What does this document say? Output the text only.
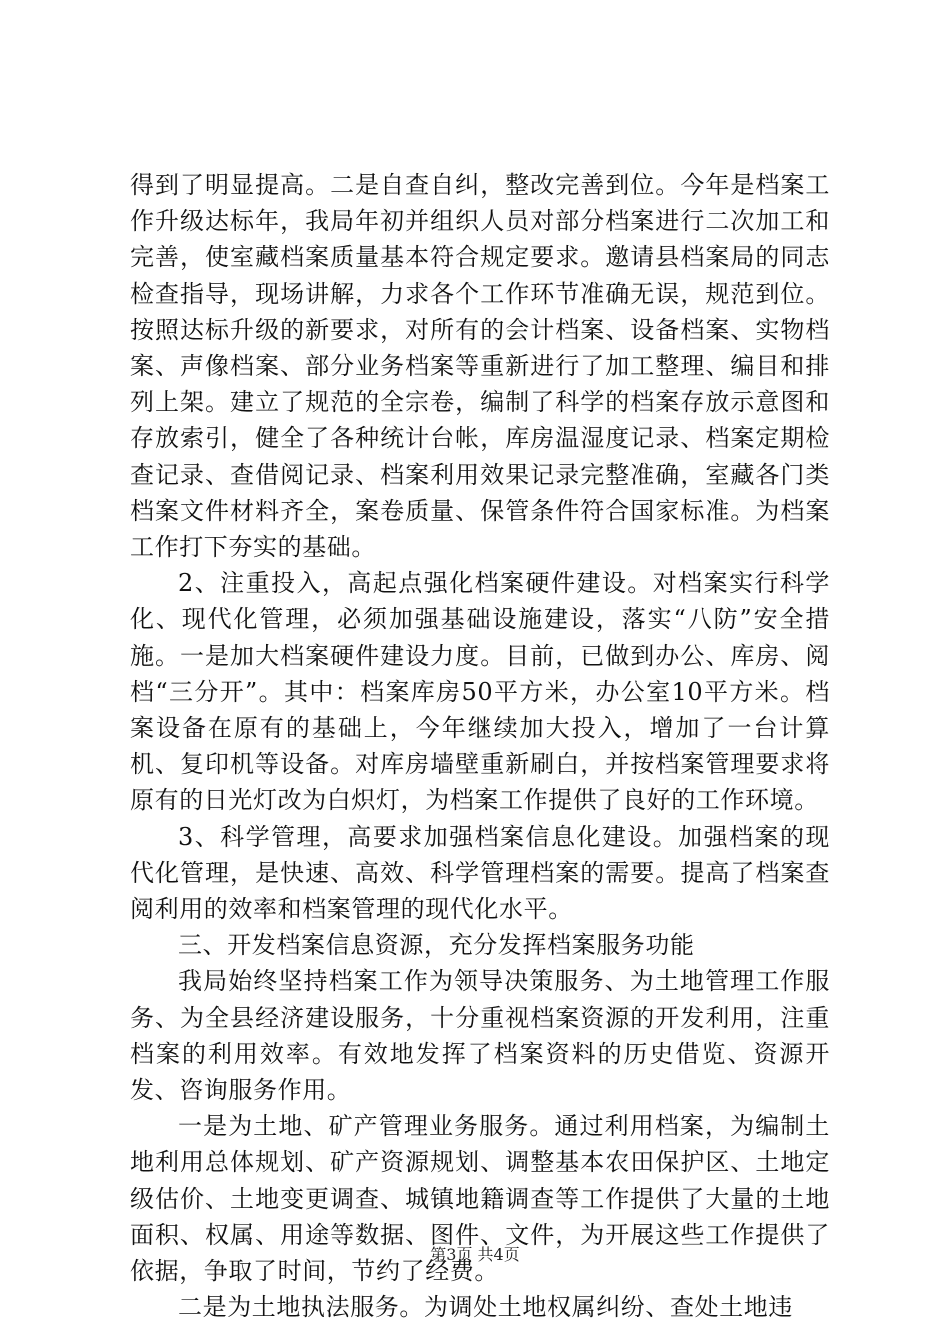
得到了明显提高。二是自查自纠，整改完善到位。今年是档案工作升级达标年，我局年初并组织人员对部分档案进行二次加工和完善，使室藏档案质量基本符合规定要求。邀请县档案局的同志检查指导，现场讲解，力求各个工作环节准确无误，规范到位。按照达标升级的新要求，对所有的会计档案、设备档案、实物档案、声像档案、部分业务档案等重新进行了加工整理、编目和排列上架。建立了规范的全宗卷，编制了科学的档案存放示意图和存放索引，健全了各种统计台帐，库房温湿度记录、档案定期检查记录、查借阅记录、档案利用效果记录完整准确，室藏各门类档案文件材料齐全，案卷质量、保管条件符合国家标准。为档案工作打下夯实的基础。

2、注重投入，高起点强化档案硬件建设。对档案实行科学化、现代化管理，必须加强基础设施建设，落实“八防”安全措施。一是加大档案硬件建设力度。目前，已做到办公、库房、阅档“三分开”。其中：档案库房50平方米，办公室10平方米。档案设备在原有的基础上，今年继续加大投入，增加了一台计算机、复印机等设备。对库房墙壁重新刷白，并按档案管理要求将原有的日光灯改为白炽灯，为档案工作提供了良好的工作环境。

3、科学管理，高要求加强档案信息化建设。加强档案的现代化管理，是快速、高效、科学管理档案的需要。提高了档案查阅利用的效率和档案管理的现代化水平。

三、开发档案信息资源，充分发挥档案服务功能

我局始终坚持档案工作为领导决策服务、为土地管理工作服务、为全县经济建设服务，十分重视档案资源的开发利用，注重档案的利用效率。有效地发挥了档案资料的历史借览、资源开发、咨询服务作用。

一是为土地、矿产管理业务服务。通过利用档案，为编制土地利用总体规划、矿产资源规划、调整基本农田保护区、土地定级估价、土地变更调查、城镇地籍调查等工作提供了大量的土地面积、权属、用途等数据、图件、文件，为开展这些工作提供了依据，争取了时间，节约了经费。

二是为土地执法服务。为调处土地权属纠纷、查处土地违

第3页 共4页
